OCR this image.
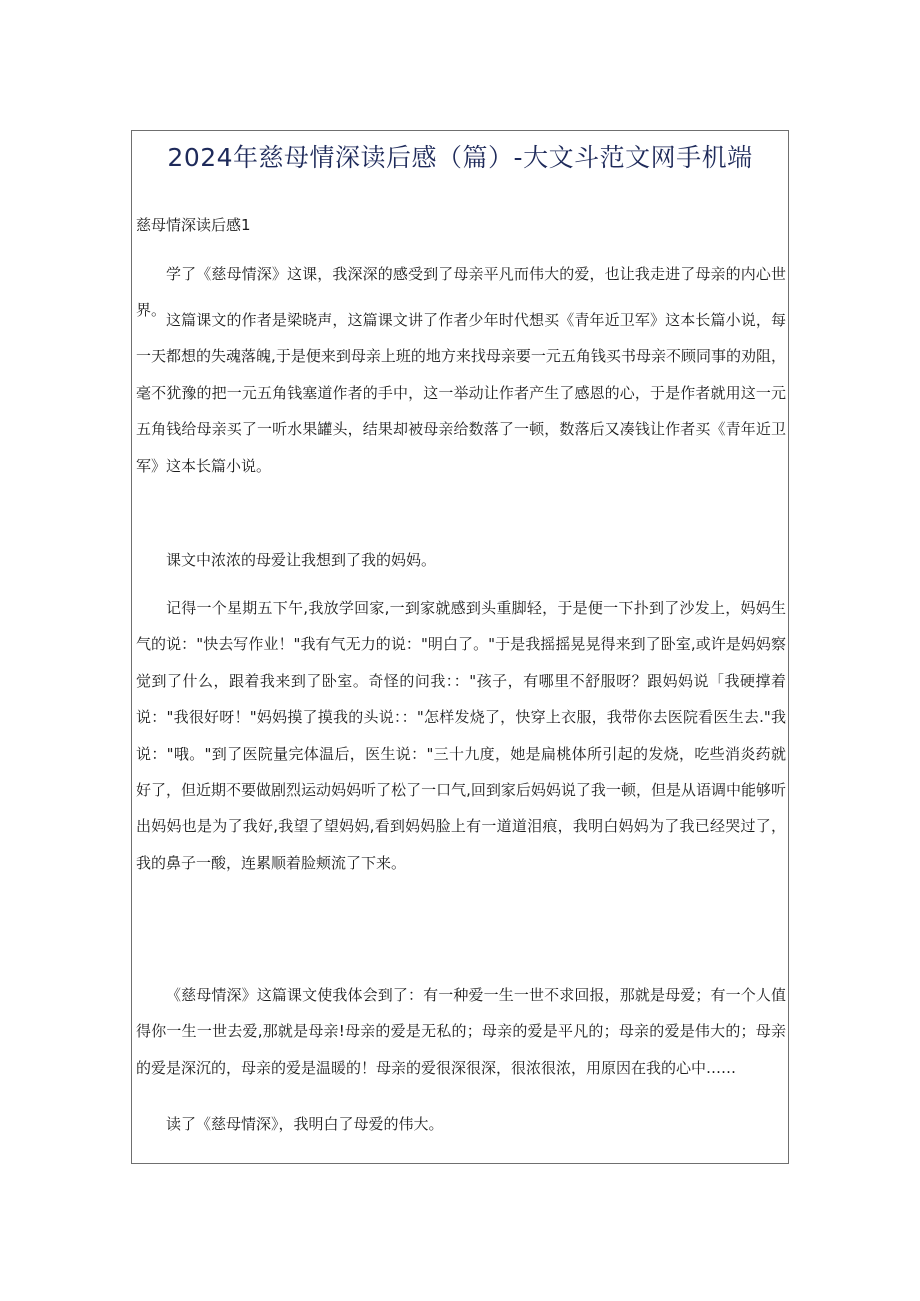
2024年慈母情深读后感（篇）-大文斗范文网手机端

慈母情深读后感1

学了《慈母情深》这课，我深深的感受到了母亲平凡而伟大的爱，也让我走进了母亲的内心世界。

这篇课文的作者是梁晓声，这篇课文讲了作者少年时代想买《青年近卫军》这本长篇小说，每一天都想的失魂落魄,于是便来到母亲上班的地方来找母亲要一元五角钱买书母亲不顾同事的劝阻，毫不犹豫的把一元五角钱塞道作者的手中，这一举动让作者产生了感恩的心，于是作者就用这一元五角钱给母亲买了一听水果罐头，结果却被母亲给数落了一顿，数落后又凑钱让作者买《青年近卫军》这本长篇小说。

课文中浓浓的母爱让我想到了我的妈妈。

记得一个星期五下午,我放学回家,一到家就感到头重脚轻，于是便一下扑到了沙发上，妈妈生气的说："快去写作业！"我有气无力的说："明白了。"于是我摇摇晃晃得来到了卧室,或许是妈妈察觉到了什么，跟着我来到了卧室。奇怪的问我：："孩子，有哪里不舒服呀？跟妈妈说「我硬撑着说："我很好呀！"妈妈摸了摸我的头说：："怎样发烧了，快穿上衣服，我带你去医院看医生去."我说："哦。"到了医院量完体温后，医生说："三十九度，她是扁桃体所引起的发烧，吃些消炎药就好了，但近期不要做剧烈运动妈妈听了松了一口气,回到家后妈妈说了我一顿，但是从语调中能够听出妈妈也是为了我好,我望了望妈妈,看到妈妈脸上有一道道泪痕，我明白妈妈为了我已经哭过了，我的鼻子一酸，连累顺着脸颊流了下来。

《慈母情深》这篇课文使我体会到了：有一种爱一生一世不求回报，那就是母爱；有一个人值得你一生一世去爱,那就是母亲!母亲的爱是无私的；母亲的爱是平凡的；母亲的爱是伟大的；母亲的爱是深沉的，母亲的爱是温暖的！母亲的爱很深很深，很浓很浓，用原因在我的心中……

读了《慈母情深》，我明白了母爱的伟大。
